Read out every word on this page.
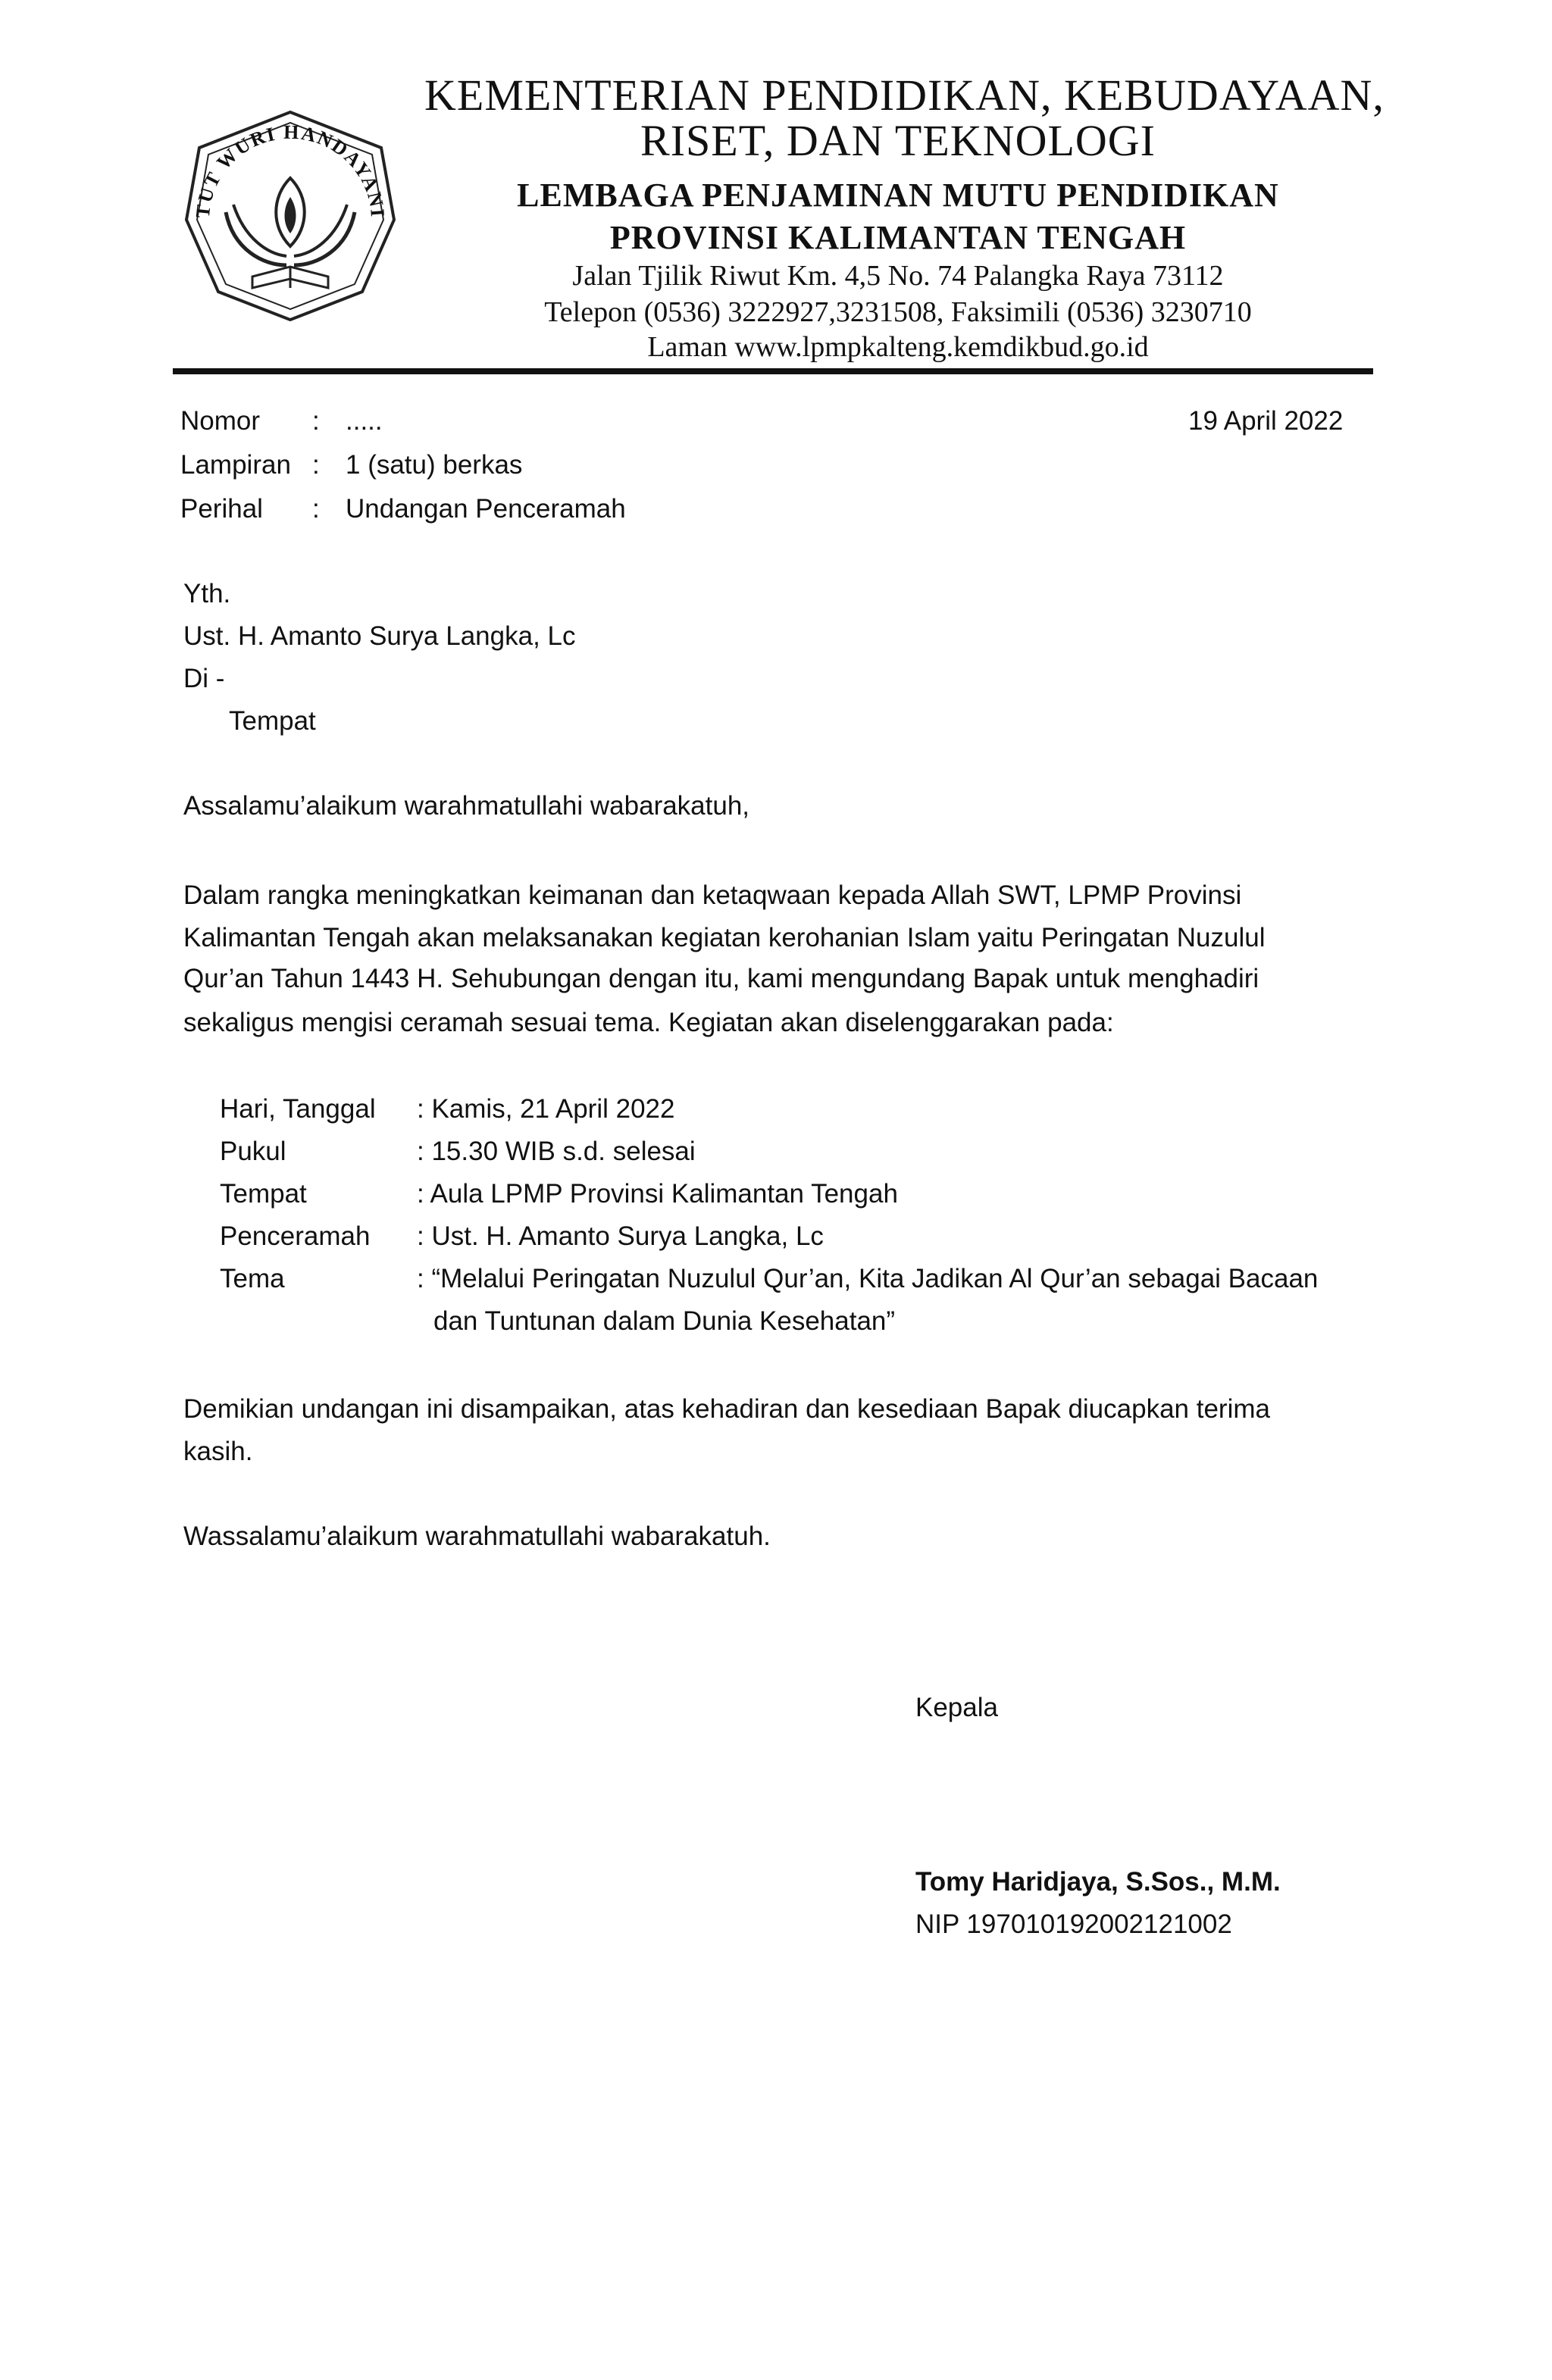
TUT WURI HANDAYANI
KEMENTERIAN PENDIDIKAN, KEBUDAYAAN,
RISET, DAN TEKNOLOGI
LEMBAGA PENJAMINAN MUTU PENDIDIKAN
PROVINSI KALIMANTAN TENGAH
Jalan Tjilik Riwut Km. 4,5 No. 74 Palangka Raya 73112
Telepon (0536) 3222927,3231508, Faksimili (0536) 3230710
Laman www.lpmpkalteng.kemdikbud.go.id
Nomor : .....	19 April 2022
Lampiran : 1 (satu) berkas
Perihal : Undangan Penceramah
Yth.
Ust. H. Amanto Surya Langka, Lc
Di -
Tempat
Assalamu’alaikum warahmatullahi wabarakatuh,
Dalam rangka meningkatkan keimanan dan ketaqwaan kepada Allah SWT, LPMP Provinsi
Kalimantan Tengah akan melaksanakan kegiatan kerohanian Islam yaitu Peringatan Nuzulul
Qur’an Tahun 1443 H. Sehubungan dengan itu, kami mengundang Bapak untuk menghadiri
sekaligus mengisi ceramah sesuai tema. Kegiatan akan diselenggarakan pada:
Hari, Tanggal : Kamis, 21 April 2022
Pukul	: 15.30 WIB s.d. selesai
Tempat	: Aula LPMP Provinsi Kalimantan Tengah
Penceramah : Ust. H. Amanto Surya Langka, Lc
Tema	: “Melalui Peringatan Nuzulul Qur’an, Kita Jadikan Al Qur’an sebagai Bacaan
dan Tuntunan dalam Dunia Kesehatan”
Demikian undangan ini disampaikan, atas kehadiran dan kesediaan Bapak diucapkan terima
kasih.
Wassalamu’alaikum warahmatullahi wabarakatuh.
Kepala
Tomy Haridjaya, S.Sos., M.M.
NIP 197010192002121002
